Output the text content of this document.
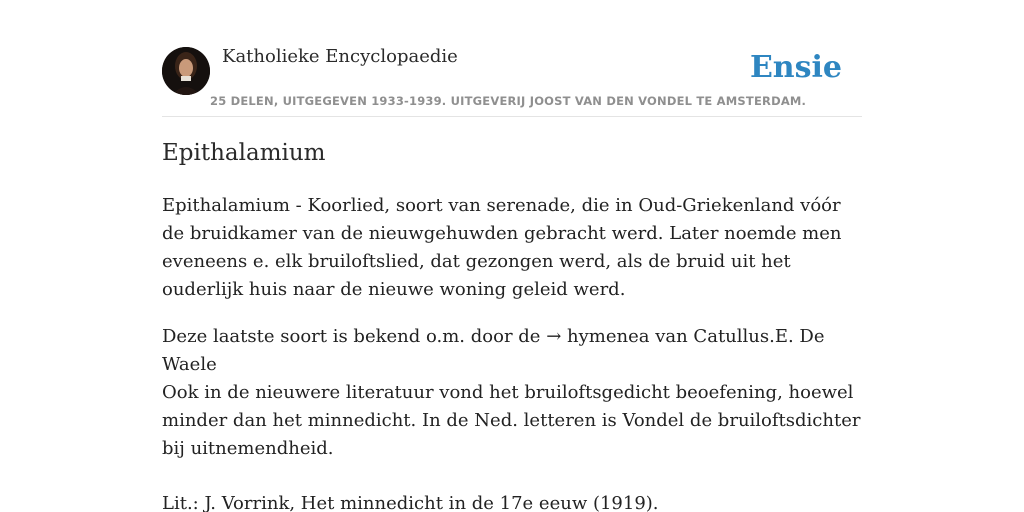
Katholieke Encyclopaedie
25 DELEN, UITGEGEVEN 1933-1939. UITGEVERIJ JOOST VAN DEN VONDEL TE AMSTERDAM.
Ensie
Epithalamium

Epithalamium - Koorlied, soort van serenade, die in Oud-Griekenland vóór de bruidkamer van de nieuwgehuwden gebracht werd. Later noemde men eveneens e. elk bruiloftslied, dat gezongen werd, als de bruid uit het ouderlijk huis naar de nieuwe woning geleid werd.

Deze laatste soort is bekend o.m. door de → hymenea van Catullus.E. De Waele

Ook in de nieuwere literatuur vond het bruiloftsgedicht beoefening, hoewel minder dan het minnedicht. In de Ned. letteren is Vondel de bruiloftsdichter bij uitnemendheid.

Lit.: J. Vorrink, Het minnedicht in de 17e eeuw (1919).
